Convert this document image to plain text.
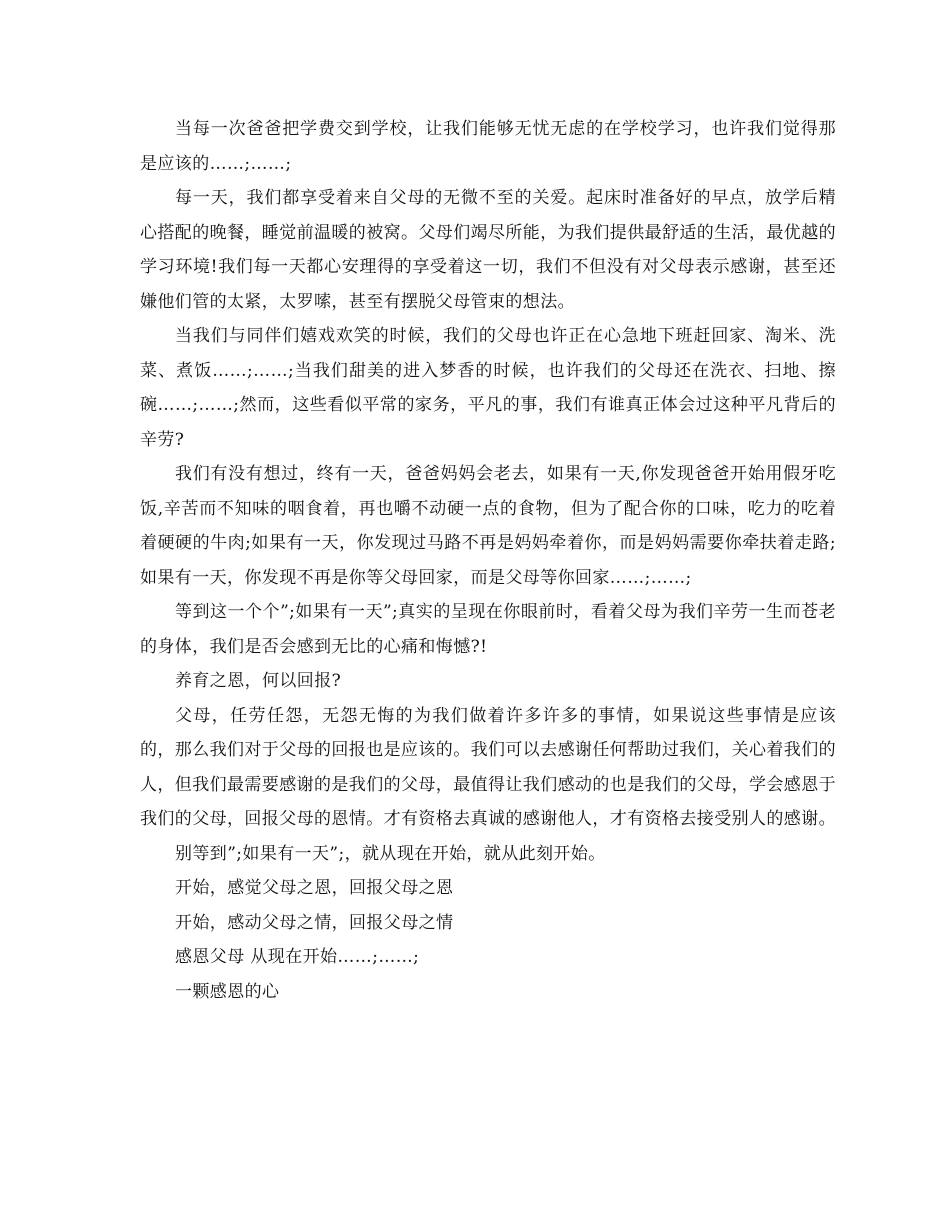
当每一次爸爸把学费交到学校，让我们能够无忧无虑的在学校学习，也许我们觉得那是应该的……;……;

每一天，我们都享受着来自父母的无微不至的关爱。起床时准备好的早点，放学后精心搭配的晚餐，睡觉前温暖的被窝。父母们竭尽所能，为我们提供最舒适的生活，最优越的学习环境!我们每一天都心安理得的享受着这一切，我们不但没有对父母表示感谢，甚至还嫌他们管的太紧，太罗嗦，甚至有摆脱父母管束的想法。

当我们与同伴们嬉戏欢笑的时候，我们的父母也许正在心急地下班赶回家、淘米、洗菜、煮饭……;……;当我们甜美的进入梦香的时候，也许我们的父母还在洗衣、扫地、擦碗……;……;然而，这些看似平常的家务，平凡的事，我们有谁真正体会过这种平凡背后的辛劳?

我们有没有想过，终有一天，爸爸妈妈会老去，如果有一天,你发现爸爸开始用假牙吃饭,辛苦而不知味的咽食着，再也嚼不动硬一点的食物，但为了配合你的口味，吃力的吃着着硬硬的牛肉;如果有一天，你发现过马路不再是妈妈牵着你，而是妈妈需要你牵扶着走路;如果有一天，你发现不再是你等父母回家，而是父母等你回家……;……;

等到这一个个”;如果有一天”;真实的呈现在你眼前时，看着父母为我们辛劳一生而苍老的身体，我们是否会感到无比的心痛和悔憾?!

养育之恩，何以回报?

父母，任劳任怨，无怨无悔的为我们做着许多许多的事情，如果说这些事情是应该的，那么我们对于父母的回报也是应该的。我们可以去感谢任何帮助过我们，关心着我们的人，但我们最需要感谢的是我们的父母，最值得让我们感动的也是我们的父母，学会感恩于我们的父母，回报父母的恩情。才有资格去真诚的感谢他人，才有资格去接受别人的感谢。

别等到”;如果有一天”;，就从现在开始，就从此刻开始。

开始，感觉父母之恩，回报父母之恩

开始，感动父母之情，回报父母之情

感恩父母 从现在开始……;……;

一颗感恩的心
